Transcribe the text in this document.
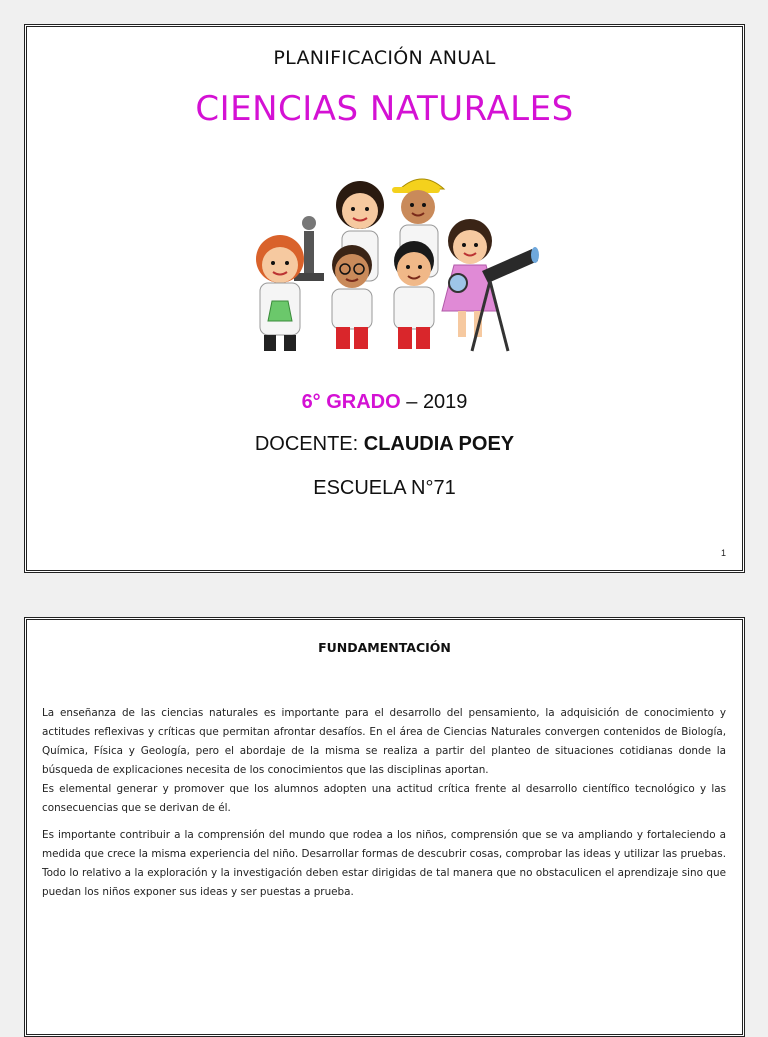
PLANIFICACIÓN ANUAL
CIENCIAS NATURALES
6° GRADO – 2019
DOCENTE: CLAUDIA POEY
ESCUELA N°71
1
FUNDAMENTACIÓN

La enseñanza de las ciencias naturales es importante para el desarrollo del pensamiento, la adquisición de conocimiento y actitudes reflexivas y críticas que permitan afrontar desafíos. En el área de Ciencias Naturales convergen contenidos de Biología, Química, Física y Geología, pero el abordaje de la misma se realiza a partir del planteo de situaciones cotidianas donde la búsqueda de explicaciones necesita de los conocimientos que las disciplinas aportan.

Es elemental generar y promover que los alumnos adopten una actitud crítica frente al desarrollo científico tecnológico y las consecuencias que se derivan de él.

Es importante contribuir a la comprensión del mundo que rodea a los niños, comprensión que se va ampliando y fortaleciendo a medida que crece la misma experiencia del niño. Desarrollar formas de descubrir cosas, comprobar las ideas y utilizar las pruebas. Todo lo relativo a la exploración y la investigación deben estar dirigidas de tal manera que no obstaculicen el aprendizaje sino que puedan los niños exponer sus ideas y ser puestas a prueba.
